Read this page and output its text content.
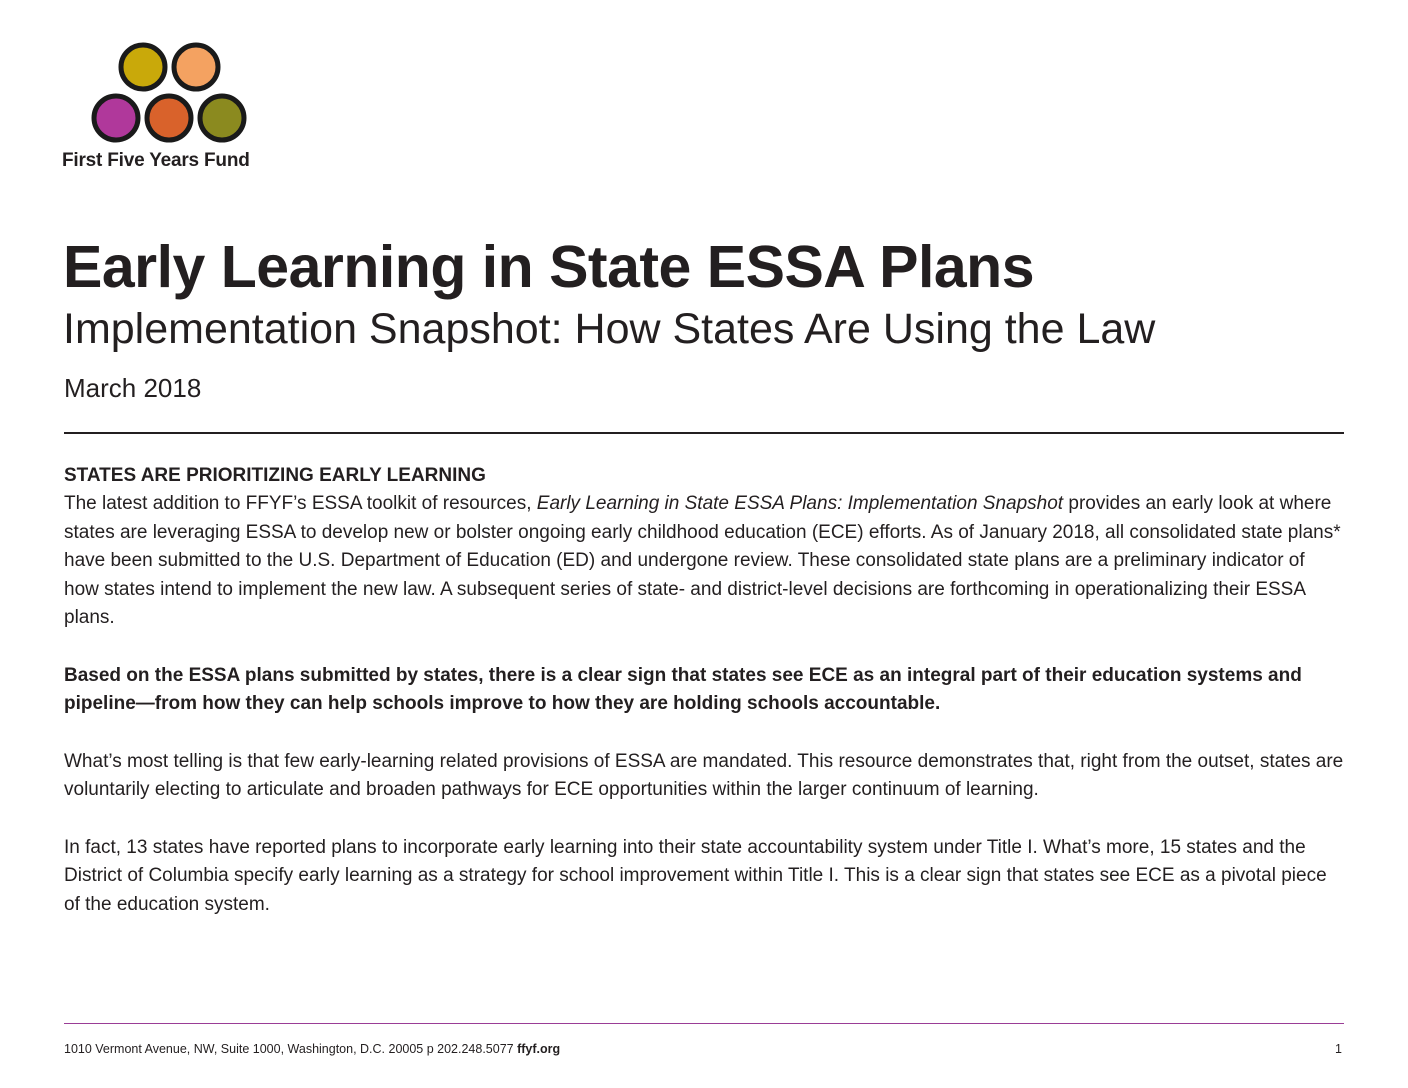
First Five Years Fund
Early Learning in State ESSA Plans
Implementation Snapshot: How States Are Using the Law
March 2018
STATES ARE PRIORITIZING EARLY LEARNING

The latest addition to FFYF’s ESSA toolkit of resources, Early Learning in State ESSA Plans: Implementation Snapshot provides an early look at where states are leveraging ESSA to develop new or bolster ongoing early childhood education (ECE) efforts. As of January 2018, all consolidated state plans* have been submitted to the U.S. Department of Education (ED) and undergone review. These consolidated state plans are a preliminary indicator of how states intend to implement the new law. A subsequent series of state- and district-level decisions are forthcoming in operationalizing their ESSA plans.

Based on the ESSA plans submitted by states, there is a clear sign that states see ECE as an integral part of their education systems and pipeline—from how they can help schools improve to how they are holding schools accountable.

What’s most telling is that few early-learning related provisions of ESSA are mandated. This resource demonstrates that, right from the outset, states are voluntarily electing to articulate and broaden pathways for ECE opportunities within the larger continuum of learning.

In fact, 13 states have reported plans to incorporate early learning into their state accountability system under Title I. What’s more, 15 states and the District of Columbia specify early learning as a strategy for school improvement within Title I. This is a clear sign that states see ECE as a pivotal piece of the education system.

1010 Vermont Avenue, NW, Suite 1000, Washington, D.C. 20005 p 202.248.5077 ffyf.org	1
